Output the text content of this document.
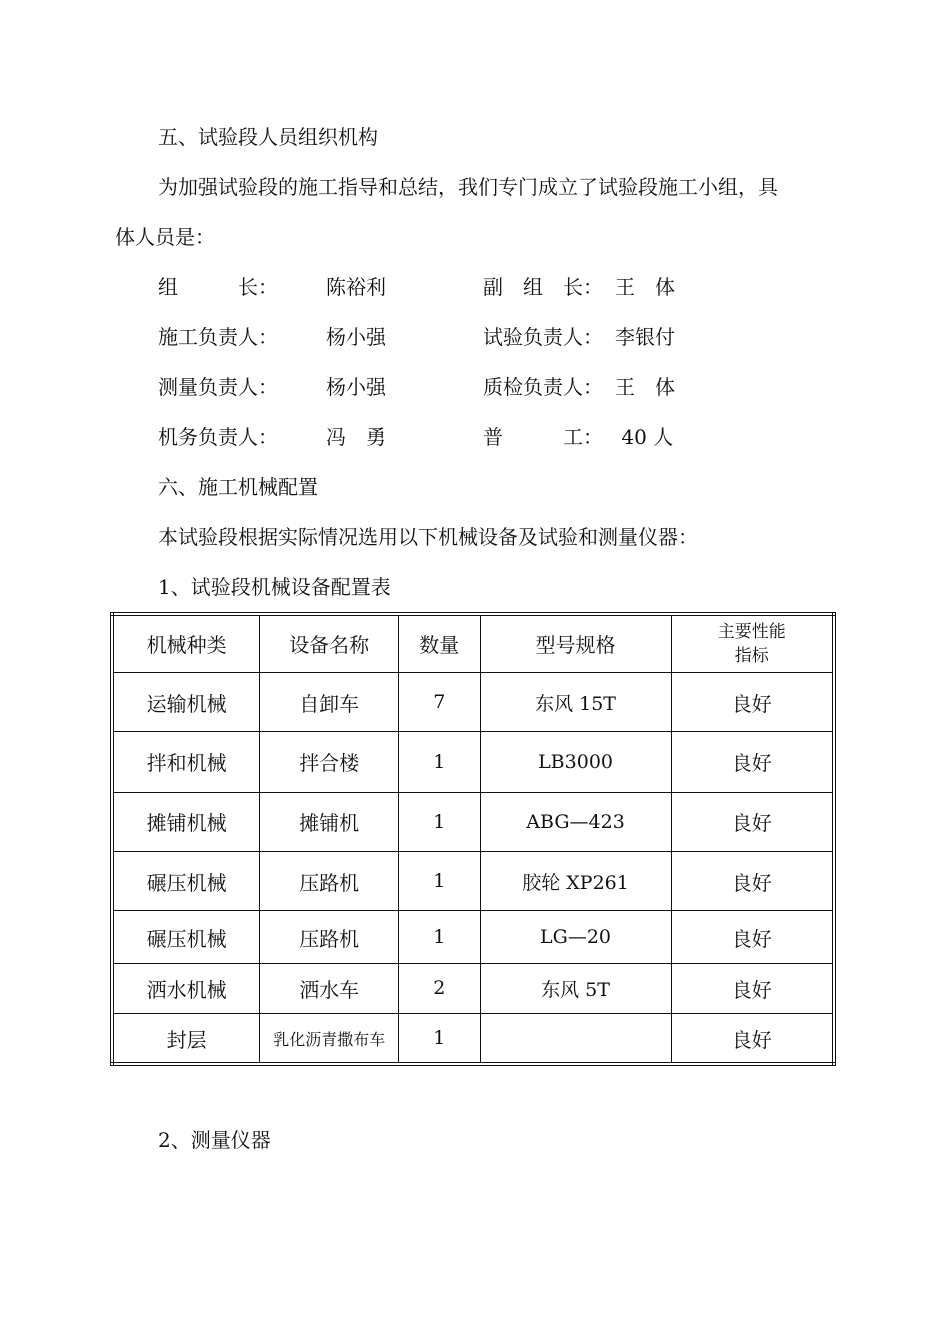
五、试验段人员组织机构
为加强试验段的施工指导和总结，我们专门成立了试验段施工小组，具
体人员是：
组　　　长： 陈裕利	副　组　长： 王　体
施工负责人： 杨小强	试验负责人： 李银付
测量负责人： 杨小强	质检负责人： 王　体
机务负责人： 冯　勇	普　　　工： 40 人
六、施工机械配置
本试验段根据实际情况选用以下机械设备及试验和测量仪器：
1、试验段机械设备配置表
机械种类	设备名称	数量	型号规格	主要性能
指标

运输机械	自卸车	7	东风 15T	良好
拌和机械	拌合楼	1	LB3000	良好
摊铺机械	摊铺机	1	ABG—423	良好
碾压机械	压路机	1	胶轮 XP261	良好
碾压机械	压路机	1	LG—20	良好
洒水机械	洒水车	2	东风 5T	良好
封层	乳化沥青撒布车	1		良好
2、测量仪器
